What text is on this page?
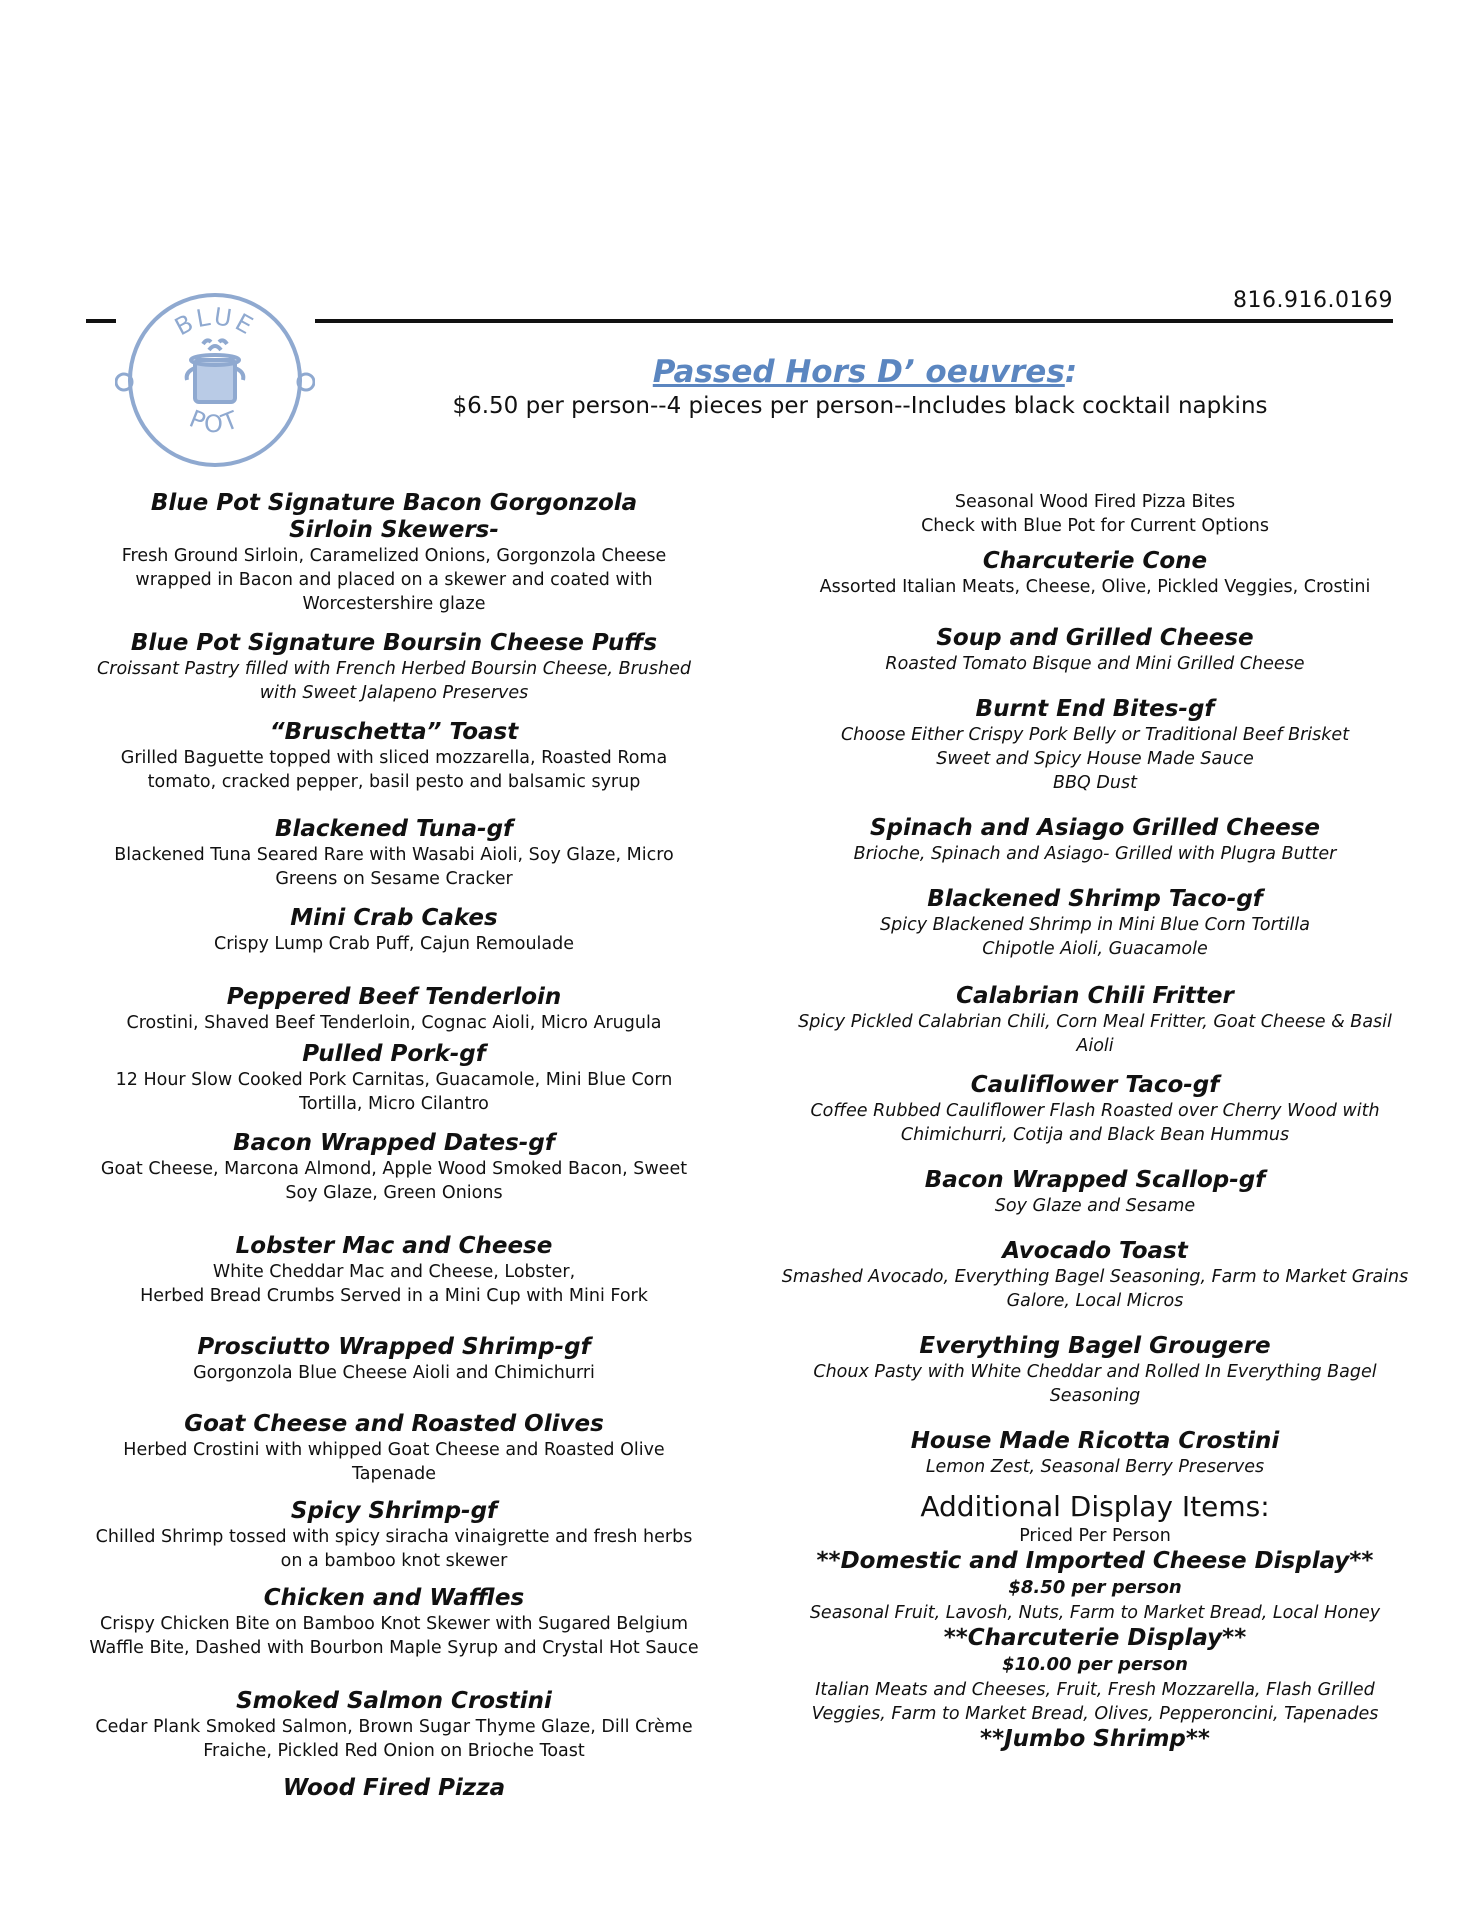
816.916.0169
BLUE
POT
Passed Hors D’ oeuvres:
$6.50 per person--4 pieces per person--Includes black cocktail napkins
Blue Pot Signature Bacon Gorgonzola Sirloin Skewers-
Fresh Ground Sirloin, Caramelized Onions, Gorgonzola Cheese wrapped in Bacon and placed on a skewer and coated with Worcestershire glaze
Blue Pot Signature Boursin Cheese Puffs
Croissant Pastry filled with French Herbed Boursin Cheese, Brushed with Sweet Jalapeno Preserves
“Bruschetta” Toast
Grilled Baguette topped with sliced mozzarella, Roasted Roma tomato, cracked pepper, basil pesto and balsamic syrup
Blackened Tuna-gf
Blackened Tuna Seared Rare with Wasabi Aioli, Soy Glaze, Micro Greens on Sesame Cracker
Mini Crab Cakes
Crispy Lump Crab Puff, Cajun Remoulade
Peppered Beef Tenderloin
Crostini, Shaved Beef Tenderloin, Cognac Aioli, Micro Arugula
Pulled Pork-gf
12 Hour Slow Cooked Pork Carnitas, Guacamole, Mini Blue Corn Tortilla, Micro Cilantro
Bacon Wrapped Dates-gf
Goat Cheese, Marcona Almond, Apple Wood Smoked Bacon, Sweet Soy Glaze, Green Onions
Lobster Mac and Cheese
White Cheddar Mac and Cheese, Lobster,
Herbed Bread Crumbs Served in a Mini Cup with Mini Fork
Prosciutto Wrapped Shrimp-gf
Gorgonzola Blue Cheese Aioli and Chimichurri
Goat Cheese and Roasted Olives
Herbed Crostini with whipped Goat Cheese and Roasted Olive Tapenade
Spicy Shrimp-gf
Chilled Shrimp tossed with spicy siracha vinaigrette and fresh herbs on a bamboo knot skewer
Chicken and Waffles
Crispy Chicken Bite on Bamboo Knot Skewer with Sugared Belgium Waffle Bite, Dashed with Bourbon Maple Syrup and Crystal Hot Sauce
Smoked Salmon Crostini
Cedar Plank Smoked Salmon, Brown Sugar Thyme Glaze, Dill Crème Fraiche, Pickled Red Onion on Brioche Toast
Wood Fired Pizza
Seasonal Wood Fired Pizza Bites
Check with Blue Pot for Current Options
Charcuterie Cone
Assorted Italian Meats, Cheese, Olive, Pickled Veggies, Crostini
Soup and Grilled Cheese
Roasted Tomato Bisque and Mini Grilled Cheese
Burnt End Bites-gf
Choose Either Crispy Pork Belly or Traditional Beef Brisket
Sweet and Spicy House Made Sauce
BBQ Dust
Spinach and Asiago Grilled Cheese
Brioche, Spinach and Asiago- Grilled with Plugra Butter
Blackened Shrimp Taco-gf
Spicy Blackened Shrimp in Mini Blue Corn Tortilla
Chipotle Aioli, Guacamole
Calabrian Chili Fritter
Spicy Pickled Calabrian Chili, Corn Meal Fritter, Goat Cheese & Basil Aioli
Cauliflower Taco-gf
Coffee Rubbed Cauliflower Flash Roasted over Cherry Wood with Chimichurri, Cotija and Black Bean Hummus
Bacon Wrapped Scallop-gf
Soy Glaze and Sesame
Avocado Toast
Smashed Avocado, Everything Bagel Seasoning, Farm to Market Grains Galore, Local Micros
Everything Bagel Grougere
Choux Pasty with White Cheddar and Rolled In Everything Bagel Seasoning
House Made Ricotta Crostini
Lemon Zest, Seasonal Berry Preserves
Additional Display Items:
Priced Per Person
**Domestic and Imported Cheese Display**
$8.50 per person
Seasonal Fruit, Lavosh, Nuts, Farm to Market Bread, Local Honey
**Charcuterie Display**
$10.00 per person
Italian Meats and Cheeses, Fruit, Fresh Mozzarella, Flash Grilled Veggies, Farm to Market Bread, Olives, Pepperoncini, Tapenades
**Jumbo Shrimp**
